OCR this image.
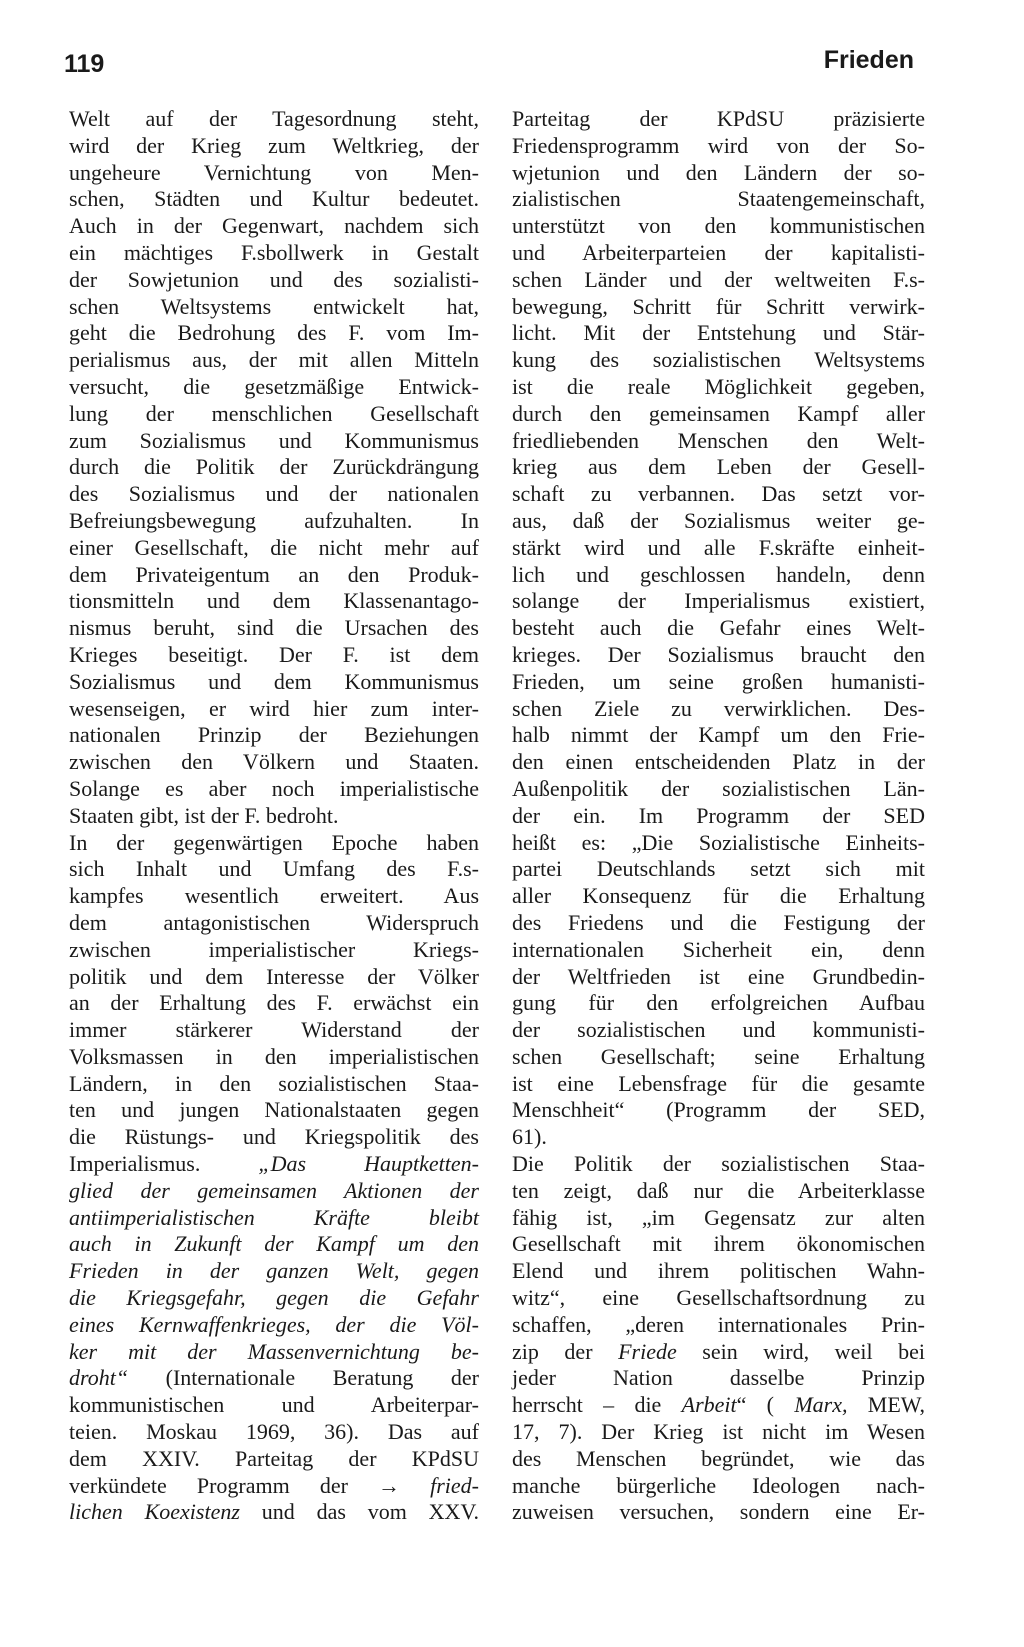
119	Frieden
Welt auf der Tagesordnung steht,
wird der Krieg zum Weltkrieg, der
ungeheure Vernichtung von Men-
schen, Städten und Kultur bedeutet.
Auch in der Gegenwart, nachdem sich
ein mächtiges F.sbollwerk in Gestalt
der Sowjetunion und des sozialisti-
schen Weltsystems entwickelt hat,
geht die Bedrohung des F. vom Im-
perialismus aus, der mit allen Mitteln
versucht, die gesetzmäßige Entwick-
lung der menschlichen Gesellschaft
zum Sozialismus und Kommunismus
durch die Politik der Zurückdrängung
des Sozialismus und der nationalen
Befreiungsbewegung aufzuhalten. In
einer Gesellschaft, die nicht mehr auf
dem Privateigentum an den Produk-
tionsmitteln und dem Klassenantago-
nismus beruht, sind die Ursachen des
Krieges beseitigt. Der F. ist dem
Sozialismus und dem Kommunismus
wesenseigen, er wird hier zum inter-
nationalen Prinzip der Beziehungen
zwischen den Völkern und Staaten.
Solange es aber noch imperialistische
Staaten gibt, ist der F. bedroht.
In der gegenwärtigen Epoche haben
sich Inhalt und Umfang des F.s-
kampfes wesentlich erweitert. Aus
dem antagonistischen Widerspruch
zwischen imperialistischer Kriegs-
politik und dem Interesse der Völker
an der Erhaltung des F. erwächst ein
immer stärkerer Widerstand der
Volksmassen in den imperialistischen
Ländern, in den sozialistischen Staa-
ten und jungen Nationalstaaten gegen
die Rüstungs- und Kriegspolitik des
Imperialismus. „Das Hauptketten-
glied der gemeinsamen Aktionen der
antiimperialistischen Kräfte bleibt
auch in Zukunft der Kampf um den
Frieden in der ganzen Welt, gegen
die Kriegsgefahr, gegen die Gefahr
eines Kernwaffenkrieges, der die Völ-
ker mit der Massenvernichtung be-
droht“ (Internationale Beratung der
kommunistischen und Arbeiterpar-
teien. Moskau 1969, 36). Das auf
dem XXIV. Parteitag der KPdSU
verkündete Programm der → fried-
lichen Koexistenz und das vom XXV.
Parteitag der KPdSU präzisierte
Friedensprogramm wird von der So-
wjetunion und den Ländern der so-
zialistischen Staatengemeinschaft,
unterstützt von den kommunistischen
und Arbeiterparteien der kapitalisti-
schen Länder und der weltweiten F.s-
bewegung, Schritt für Schritt verwirk-
licht. Mit der Entstehung und Stär-
kung des sozialistischen Weltsystems
ist die reale Möglichkeit gegeben,
durch den gemeinsamen Kampf aller
friedliebenden Menschen den Welt-
krieg aus dem Leben der Gesell-
schaft zu verbannen. Das setzt vor-
aus, daß der Sozialismus weiter ge-
stärkt wird und alle F.skräfte einheit-
lich und geschlossen handeln, denn
solange der Imperialismus existiert,
besteht auch die Gefahr eines Welt-
krieges. Der Sozialismus braucht den
Frieden, um seine großen humanisti-
schen Ziele zu verwirklichen. Des-
halb nimmt der Kampf um den Frie-
den einen entscheidenden Platz in der
Außenpolitik der sozialistischen Län-
der ein. Im Programm der SED
heißt es: „Die Sozialistische Einheits-
partei Deutschlands setzt sich mit
aller Konsequenz für die Erhaltung
des Friedens und die Festigung der
internationalen Sicherheit ein, denn
der Weltfrieden ist eine Grundbedin-
gung für den erfolgreichen Aufbau
der sozialistischen und kommunisti-
schen Gesellschaft; seine Erhaltung
ist eine Lebensfrage für die gesamte
Menschheit“ (Programm der SED,
61).
Die Politik der sozialistischen Staa-
ten zeigt, daß nur die Arbeiterklasse
fähig ist, „im Gegensatz zur alten
Gesellschaft mit ihrem ökonomischen
Elend und ihrem politischen Wahn-
witz“, eine Gesellschaftsordnung zu
schaffen, „deren internationales Prin-
zip der Friede sein wird, weil bei
jeder Nation dasselbe Prinzip
herrscht – die Arbeit“ ( Marx, MEW,
17, 7). Der Krieg ist nicht im Wesen
des Menschen begründet, wie das
manche bürgerliche Ideologen nach-
zuweisen versuchen, sondern eine Er-
